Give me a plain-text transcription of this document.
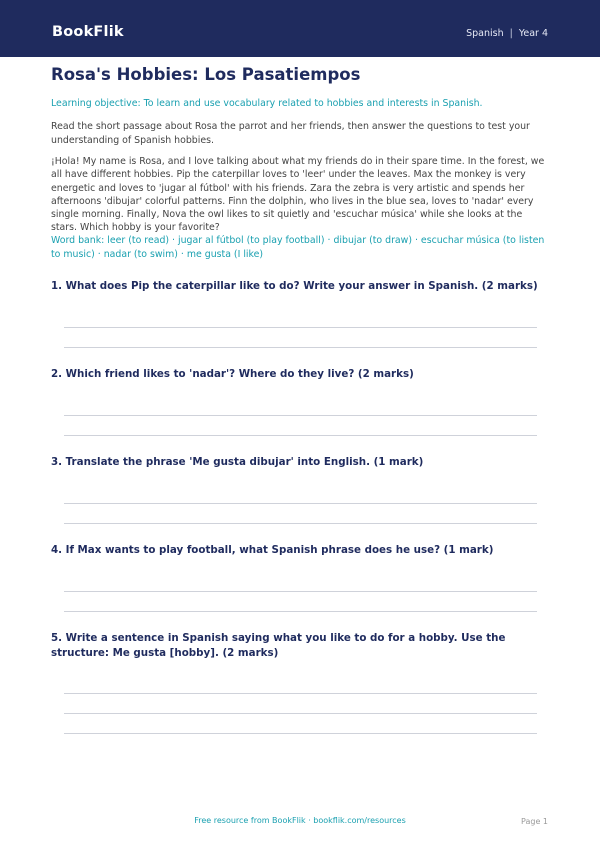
BookFlik	Spanish | Year 4
Rosa's Hobbies: Los Pasatiempos
Learning objective: To learn and use vocabulary related to hobbies and interests in Spanish.
Read the short passage about Rosa the parrot and her friends, then answer the questions to test your understanding of Spanish hobbies.
¡Hola! My name is Rosa, and I love talking about what my friends do in their spare time. In the forest, we all have different hobbies. Pip the caterpillar loves to 'leer' under the leaves. Max the monkey is very energetic and loves to 'jugar al fútbol' with his friends. Zara the zebra is very artistic and spends her afternoons 'dibujar' colorful patterns. Finn the dolphin, who lives in the blue sea, loves to 'nadar' every single morning. Finally, Nova the owl likes to sit quietly and 'escuchar música' while she looks at the stars. Which hobby is your favorite?
Word bank: leer (to read) · jugar al fútbol (to play football) · dibujar (to draw) · escuchar música (to listen to music) · nadar (to swim) · me gusta (I like)
1. What does Pip the caterpillar like to do? Write your answer in Spanish. (2 marks)
2. Which friend likes to 'nadar'? Where do they live? (2 marks)
3. Translate the phrase 'Me gusta dibujar' into English. (1 mark)
4. If Max wants to play football, what Spanish phrase does he use? (1 mark)
5. Write a sentence in Spanish saying what you like to do for a hobby. Use the structure: Me gusta [hobby]. (2 marks)
Free resource from BookFlik · bookflik.com/resources	Page 1
